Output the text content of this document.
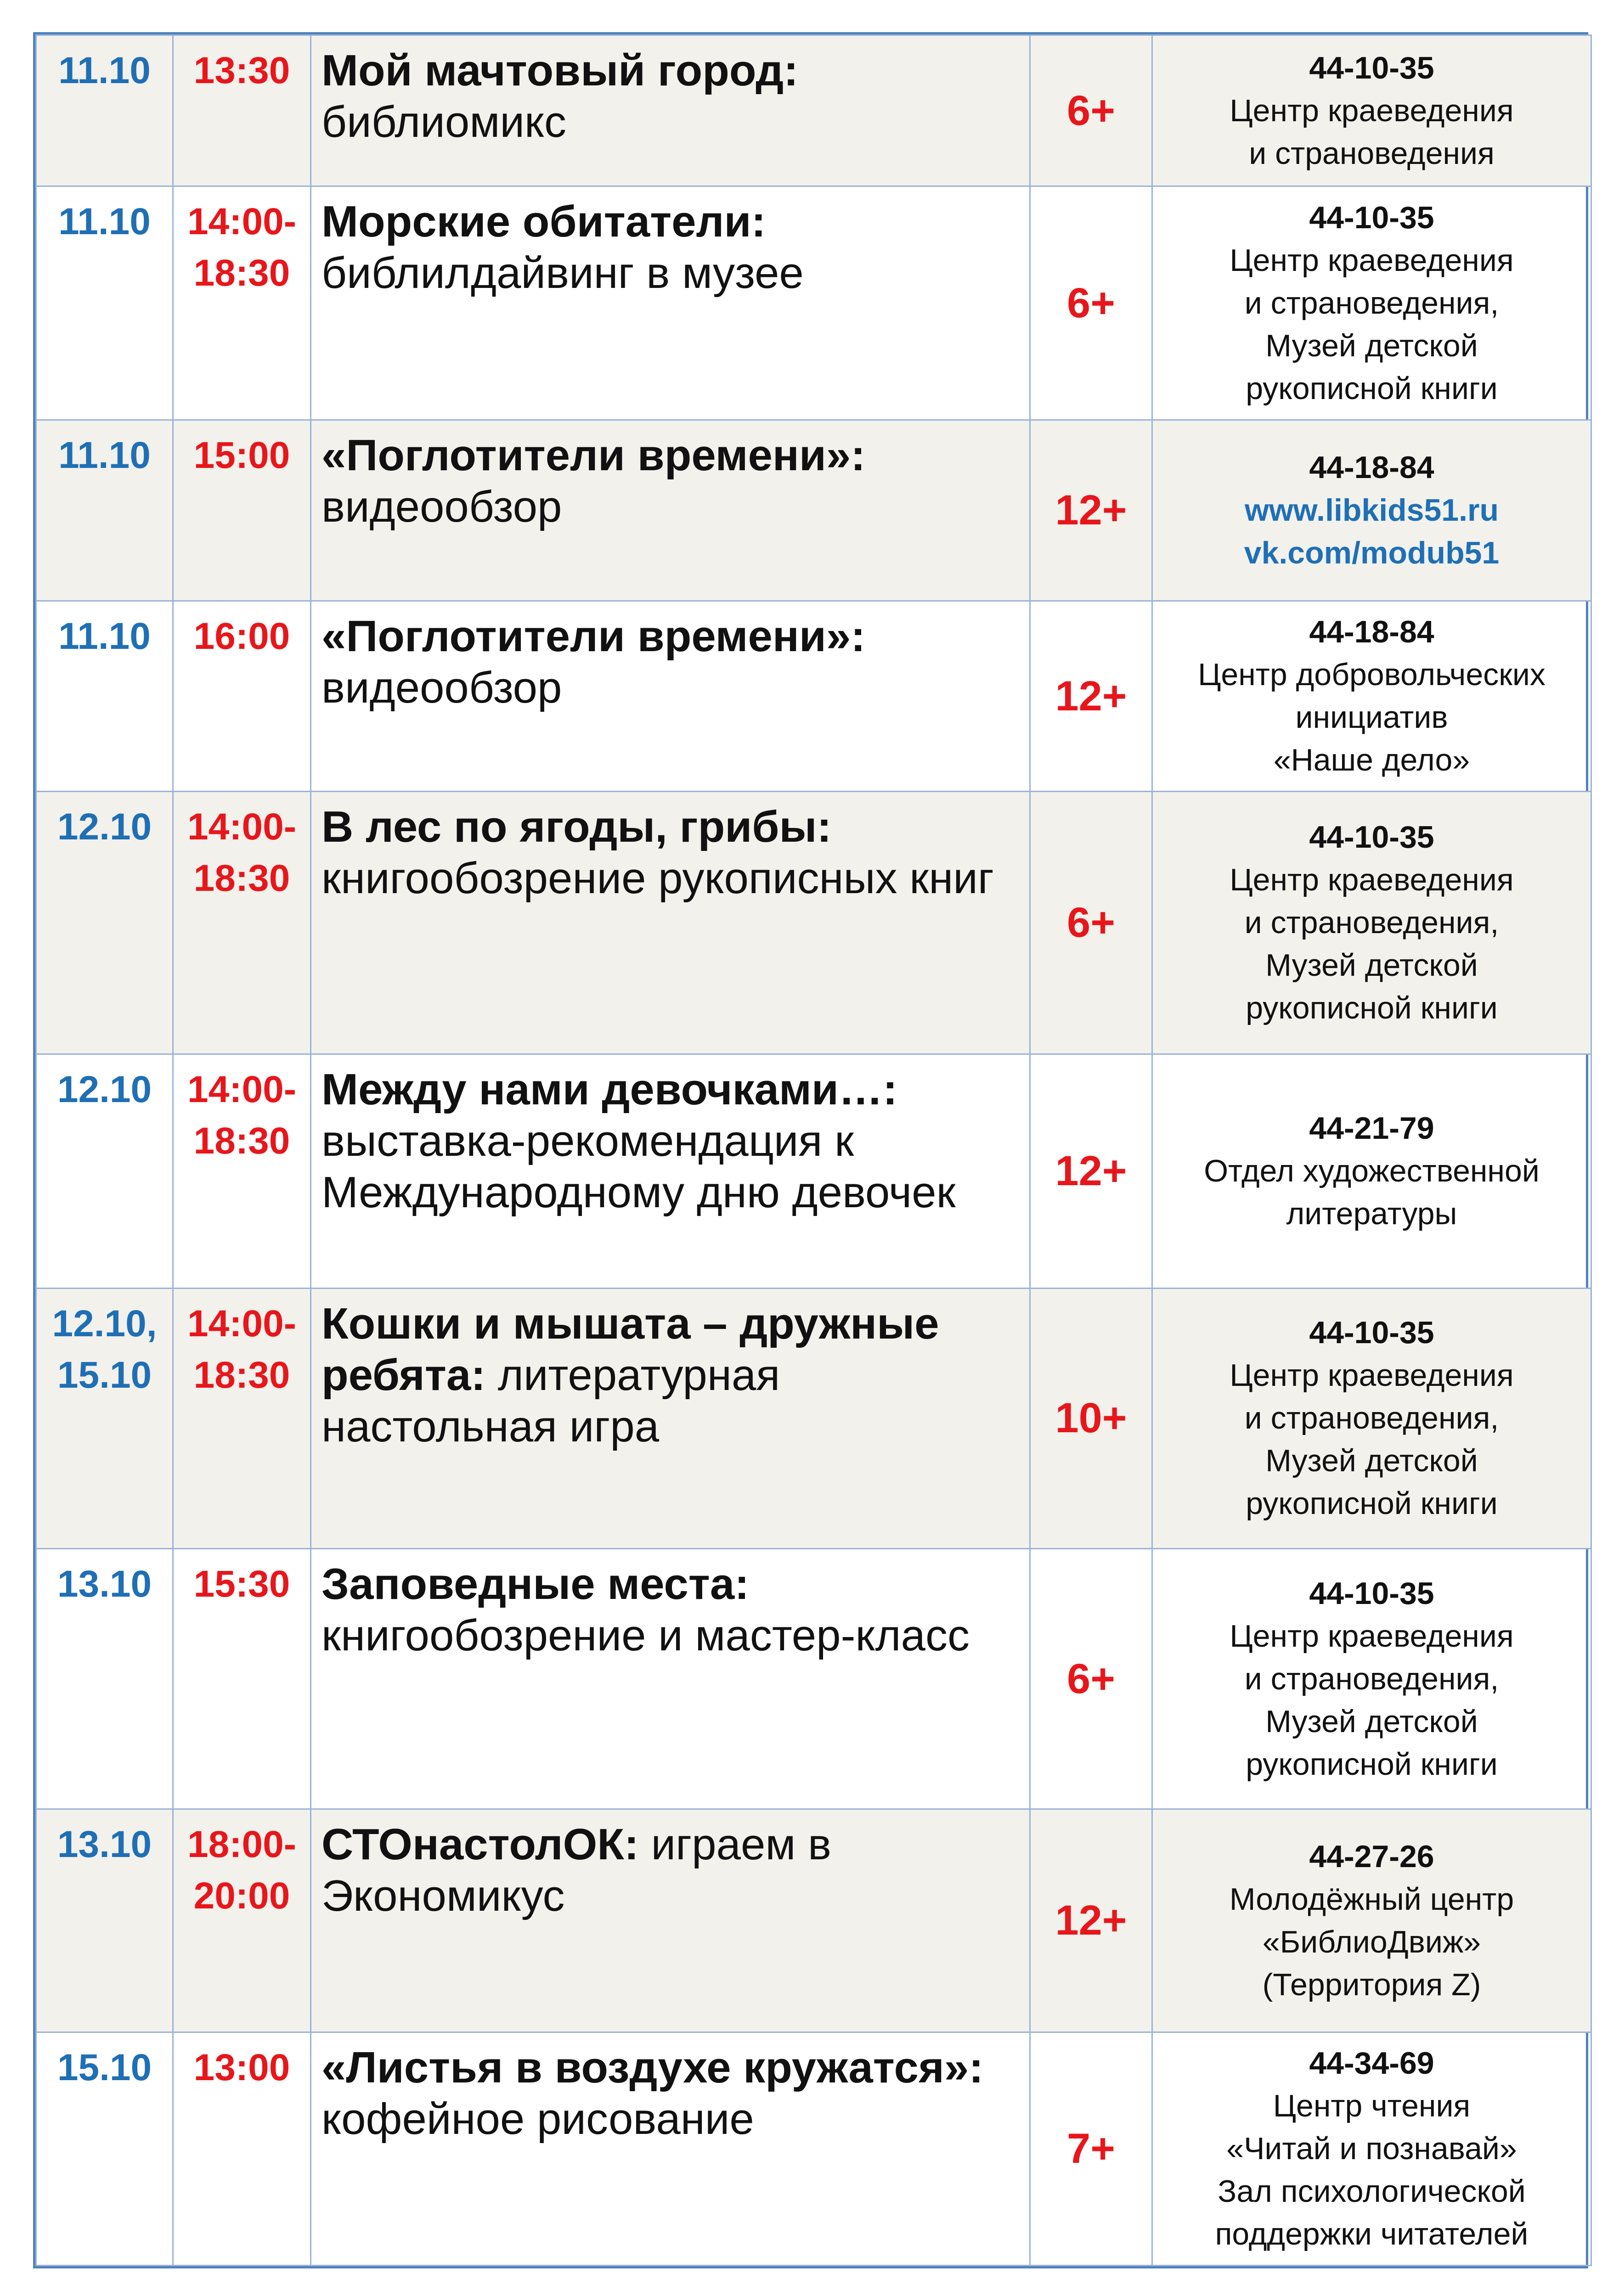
11.10	13:30	Мой мачтовый город: библиомикс	6+	44-10-35
Центр краеведения
и страноведения

11.10	14:00-
18:30	Морские обитатели: библилдайвинг в музее	6+	44-10-35
Центр краеведения
и страноведения,
Музей детской
рукописной книги

11.10	15:00	«Поглотители времени»: видеообзор	12+	44-18-84
www.libkids51.ru
vk.com/modub51

11.10	16:00	«Поглотители времени»: видеообзор	12+	44-18-84
Центр добровольческих
инициатив
«Наше дело»

12.10	14:00-
18:30	В лес по ягоды, грибы: книгообозрение рукописных книг	6+	44-10-35
Центр краеведения
и страноведения,
Музей детской
рукописной книги

12.10	14:00-
18:30	Между нами девочками…: выставка-рекомендация к Международному дню девочек	12+	44-21-79
Отдел художественной
литературы

12.10,
15.10	14:00-
18:30	Кошки и мышата – дружные ребята: литературная настольная игра	10+	44-10-35
Центр краеведения
и страноведения,
Музей детской
рукописной книги

13.10	15:30	Заповедные места: книгообозрение и мастер-класс	6+	44-10-35
Центр краеведения
и страноведения,
Музей детской
рукописной книги

13.10	18:00-
20:00	СТОнастолОК: играем в Экономикус	12+	44-27-26
Молодёжный центр
«БиблиоДвиж»
(Территория Z)

15.10	13:00	«Листья в воздухе кружатся»: кофейное рисование	7+	44-34-69
Центр чтения
«Читай и познавай»
Зал психологической
поддержки читателей
